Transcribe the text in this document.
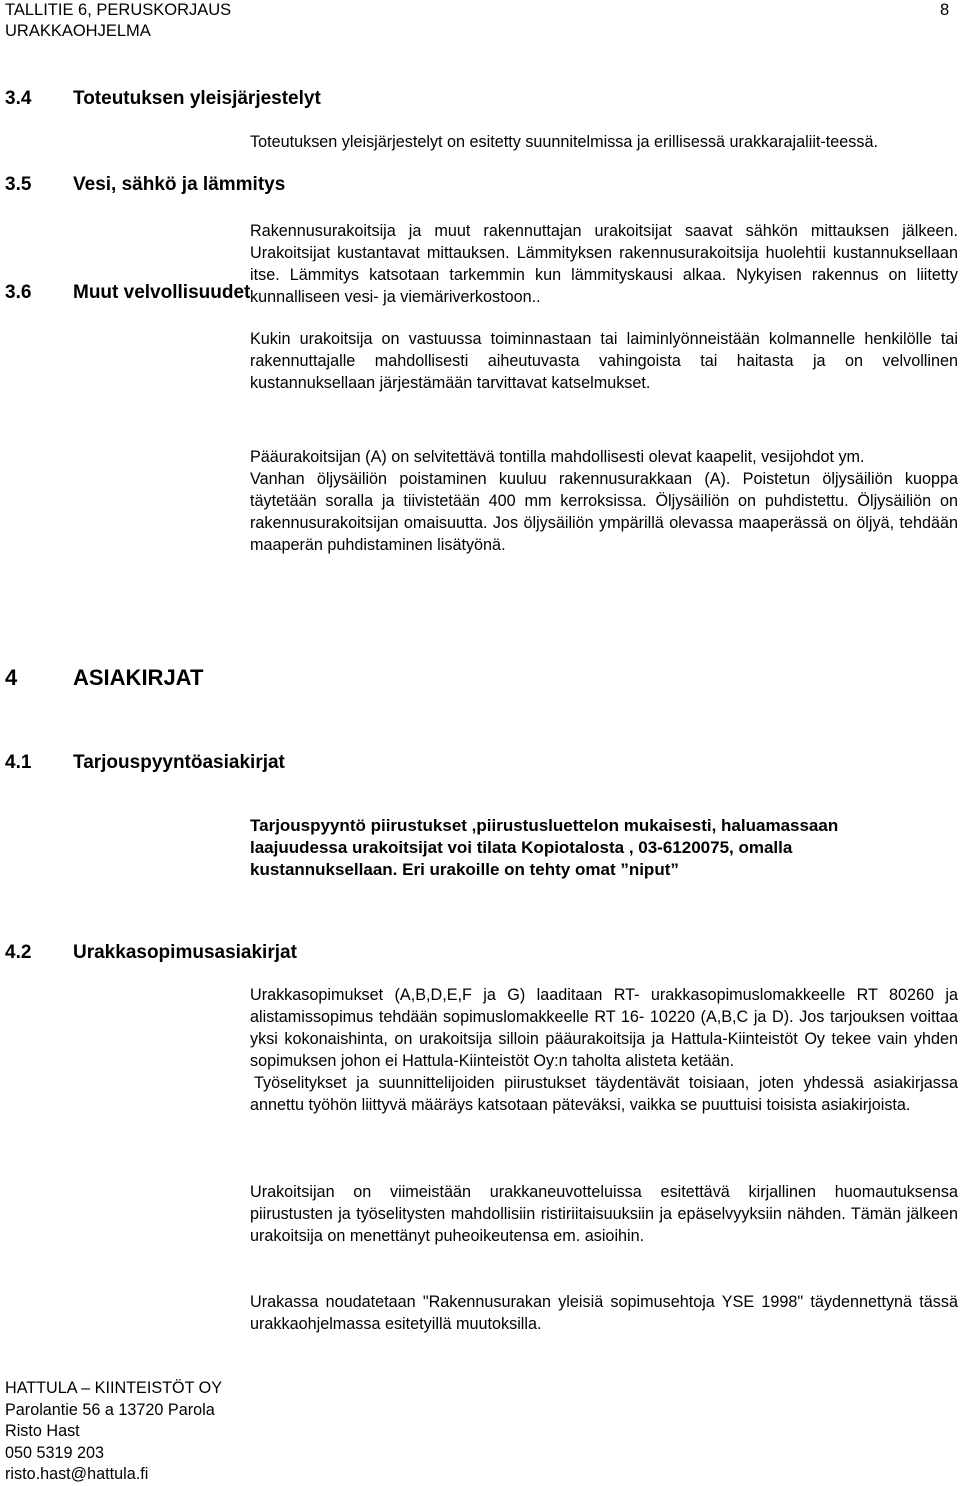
TALLITIE 6, PERUSKORJAUS
URAKKAOHJELMA
8
3.4 Toteutuksen yleisjärjestelyt

Toteutuksen yleisjärjestelyt on esitetty suunnitelmissa ja erillisessä urakkarajaliit-teessä.

3.5 Vesi, sähkö ja lämmitys

Rakennusurakoitsija ja muut rakennuttajan urakoitsijat saavat sähkön mittauksen jälkeen. Urakoitsijat kustantavat mittauksen. Lämmityksen rakennusurakoitsija huolehtii kustannuksellaan itse. Lämmitys katsotaan tarkemmin kun lämmityskausi alkaa. Nykyisen rakennus on liitetty kunnalliseen vesi- ja viemäriverkostoon..

3.6 Muut velvollisuudet

Kukin urakoitsija on vastuussa toiminnastaan tai laiminlyönneistään kolmannelle henkilölle tai rakennuttajalle mahdollisesti aiheutuvasta vahingoista tai haitasta ja on velvollinen kustannuksellaan järjestämään tarvittavat katselmukset.

Pääurakoitsijan (A) on selvitettävä tontilla mahdollisesti olevat kaapelit, vesijohdot ym.

Vanhan öljysäiliön poistaminen kuuluu rakennusurakkaan (A). Poistetun öljysäiliön kuoppa täytetään soralla ja tiivistetään 400 mm kerroksissa. Öljysäiliön on puhdistettu. Öljysäiliön on rakennusurakoitsijan omaisuutta. Jos öljysäiliön ympärillä olevassa maaperässä on öljyä, tehdään maaperän puhdistaminen lisätyönä.

4	ASIAKIRJAT
4.1 Tarjouspyyntöasiakirjat

Tarjouspyyntö piirustukset ,piirustusluettelon mukaisesti, haluamassaan laajuudessa urakoitsijat voi tilata Kopiotalosta , 03-6120075, omalla kustannuksellaan. Eri urakoille on tehty omat ”niput”

4.2 Urakkasopimusasiakirjat

Urakkasopimukset (A,B,D,E,F ja G) laaditaan RT- urakkasopimuslomakkeelle RT 80260 ja alistamissopimus tehdään sopimuslomakkeelle RT 16- 10220 (A,B,C ja D). Jos tarjouksen voittaa yksi kokonaishinta, on urakoitsija silloin pääurakoitsija ja Hattula-Kiinteistöt Oy tekee vain yhden sopimuksen johon ei Hattula-Kiinteistöt Oy:n taholta alisteta ketään.

Työselitykset ja suunnittelijoiden piirustukset täydentävät toisiaan, joten yhdessä asiakirjassa annettu työhön liittyvä määräys katsotaan päteväksi, vaikka se puuttuisi toisista asiakirjoista.

Urakoitsijan on viimeistään urakkaneuvotteluissa esitettävä kirjallinen huomautuksensa piirustusten ja työselitysten mahdollisiin ristiriitaisuuksiin ja epäselvyyksiin nähden. Tämän jälkeen urakoitsija on menettänyt puheoikeutensa em. asioihin.

Urakassa noudatetaan "Rakennusurakan yleisiä sopimusehtoja YSE 1998" täydennettynä tässä urakkaohjelmassa esitetyillä muutoksilla.

HATTULA – KIINTEISTÖT OY
Parolantie 56 a 13720 Parola
Risto Hast
050 5319 203
risto.hast@hattula.fi
